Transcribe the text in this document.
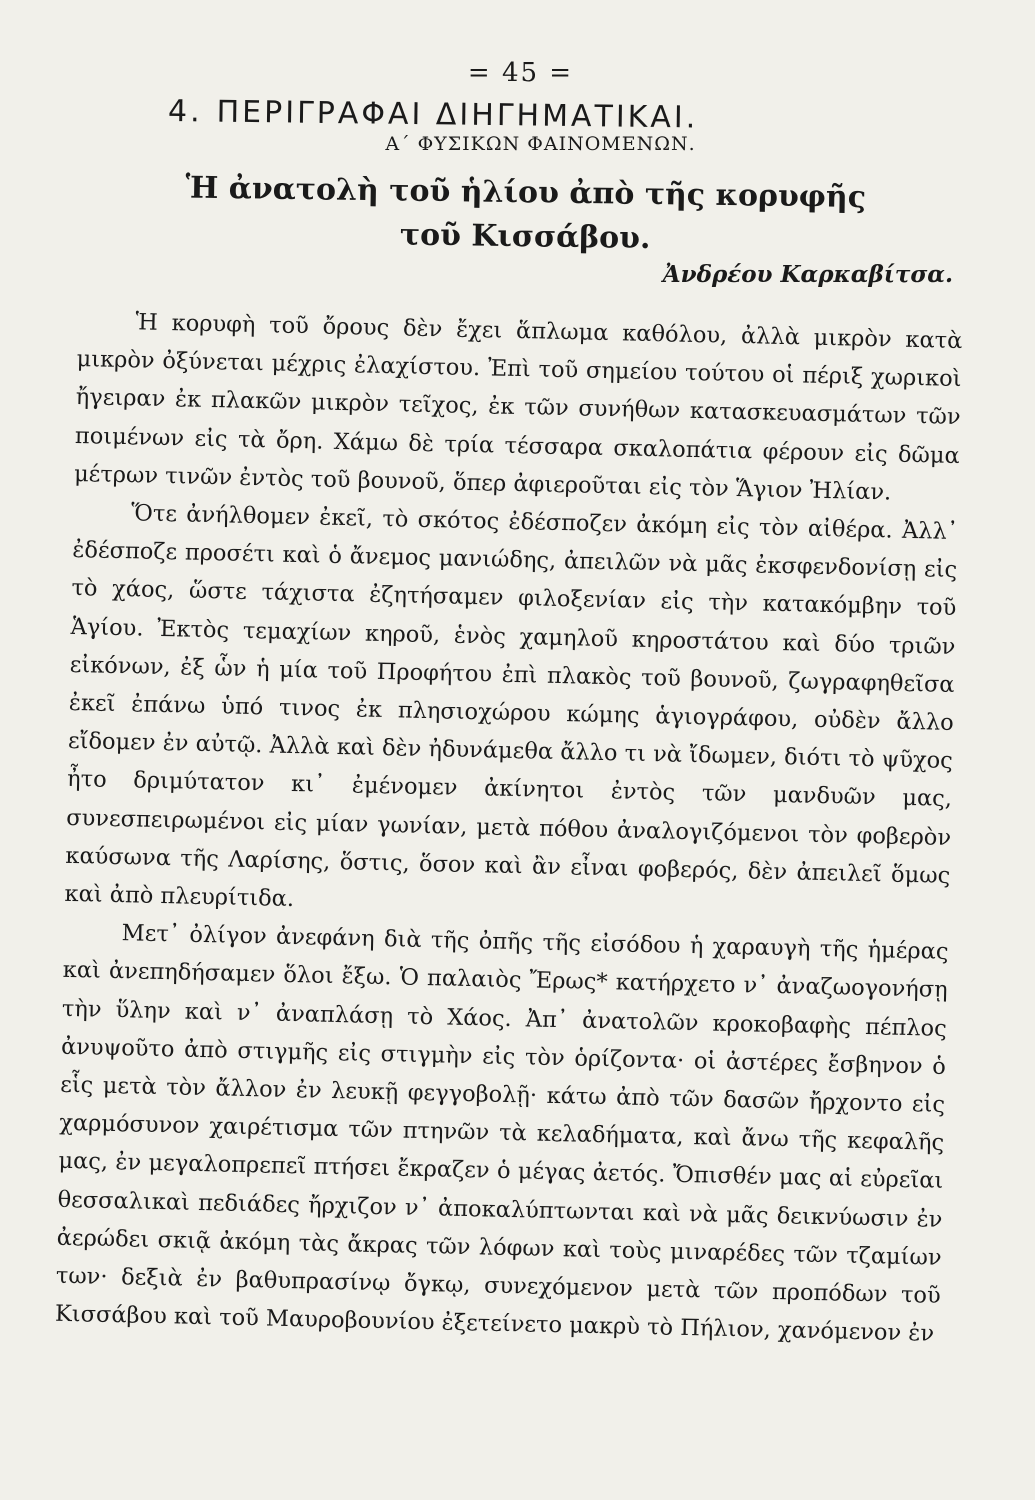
= 45 =
4. ΠΕΡΙΓΡΑΦΑΙ ΔΙΗΓΗΜΑΤΙΚΑΙ.
Α΄ ΦΥΣΙΚΩΝ ΦΑΙΝΟΜΕΝΩΝ.
Ἡ ἀνατολὴ τοῦ ἡλίου ἀπὸ τῆς κορυφῆς
τοῦ Κισσάβου.
Ἀνδρέου Καρκαβίτσα.

Ἡ κορυφὴ τοῦ ὄρους δὲν ἔχει ἅπλωμα καθόλου, ἀλλὰ μικρὸν κατὰ μικρὸν ὀξύνεται μέχρις ἐλαχίστου. Ἐπὶ τοῦ σημείου τούτου οἱ πέριξ χωρικοὶ ἤγειραν ἐκ πλακῶν μικρὸν τεῖχος, ἐκ τῶν συνήθων κατασκευασμάτων τῶν ποιμένων εἰς τὰ ὄρη. Χάμω δὲ τρία τέσσαρα σκαλοπάτια φέρουν εἰς δῶμα μέτρων τινῶν ἐντὸς τοῦ βουνοῦ, ὅπερ ἀφιεροῦται εἰς τὸν Ἅγιον Ἠλίαν.

Ὅτε ἀνήλθομεν ἐκεῖ, τὸ σκότος ἐδέσποζεν ἀκόμη εἰς τὸν αἰθέρα. Ἀλλ᾽ ἐδέσποζε προσέτι καὶ ὁ ἄνεμος μανιώδης, ἀπειλῶν νὰ μᾶς ἐκσφενδονίσῃ εἰς τὸ χάος, ὥστε τάχιστα ἐζητήσαμεν φιλοξενίαν εἰς τὴν κατακόμβην τοῦ Ἁγίου. Ἐκτὸς τεμαχίων κηροῦ, ἑνὸς χαμηλοῦ κηροστάτου καὶ δύο τριῶν εἰκόνων, ἐξ ὧν ἡ μία τοῦ Προφήτου ἐπὶ πλακὸς τοῦ βουνοῦ, ζωγραφηθεῖσα ἐκεῖ ἐπάνω ὑπό τινος ἐκ πλησιοχώρου κώμης ἁγιογράφου, οὐδὲν ἄλλο εἴδομεν ἐν αὐτῷ. Ἀλλὰ καὶ δὲν ἠδυνάμεθα ἄλλο τι νὰ ἴδωμεν, διότι τὸ ψῦχος ἦτο δριμύτατον κι᾽ ἐμένομεν ἀκίνητοι ἐντὸς τῶν μανδυῶν μας, συνεσπειρωμένοι εἰς μίαν γωνίαν, μετὰ πόθου ἀναλογιζόμενοι τὸν φοβερὸν καύσωνα τῆς Λαρίσης, ὅστις, ὅσον καὶ ἂν εἶναι φοβερός, δὲν ἀπειλεῖ ὅμως καὶ ἀπὸ πλευρίτιδα.

Μετ᾽ ὀλίγον ἀνεφάνη διὰ τῆς ὀπῆς τῆς εἰσόδου ἡ χαραυγὴ τῆς ἡμέρας καὶ ἀνεπηδήσαμεν ὅλοι ἔξω. Ὁ παλαιὸς Ἔρως* κατήρχετο ν᾽ ἀναζωογονήσῃ τὴν ὕλην καὶ ν᾽ ἀναπλάσῃ τὸ Χάος. Ἀπ᾽ ἀνατολῶν κροκοβαφὴς πέπλος ἀνυψοῦτο ἀπὸ στιγμῆς εἰς στιγμὴν εἰς τὸν ὁρίζοντα· οἱ ἀστέρες ἔσβηνον ὁ εἷς μετὰ τὸν ἄλλον ἐν λευκῇ φεγγοβολῇ· κάτω ἀπὸ τῶν δασῶν ἤρχοντο εἰς χαρμόσυνον χαιρέτισμα τῶν πτηνῶν τὰ κελαδήματα, καὶ ἄνω τῆς κεφαλῆς μας, ἐν μεγαλοπρεπεῖ πτήσει ἔκραζεν ὁ μέγας ἀετός. Ὄπισθέν μας αἱ εὐρεῖαι θεσσαλικαὶ πεδιάδες ἤρχιζον ν᾽ ἀποκαλύπτωνται καὶ νὰ μᾶς δεικνύωσιν ἐν ἀερώδει σκιᾷ ἀκόμη τὰς ἄκρας τῶν λόφων καὶ τοὺς μιναρέδες τῶν τζαμίων των· δεξιὰ ἐν βαθυπρασίνῳ ὄγκῳ, συνεχόμενον μετὰ τῶν προπόδων τοῦ Κισσάβου καὶ τοῦ Μαυροβουνίου ἐξετείνετο μακρὺ τὸ Πήλιον, χανόμενον ἐν
